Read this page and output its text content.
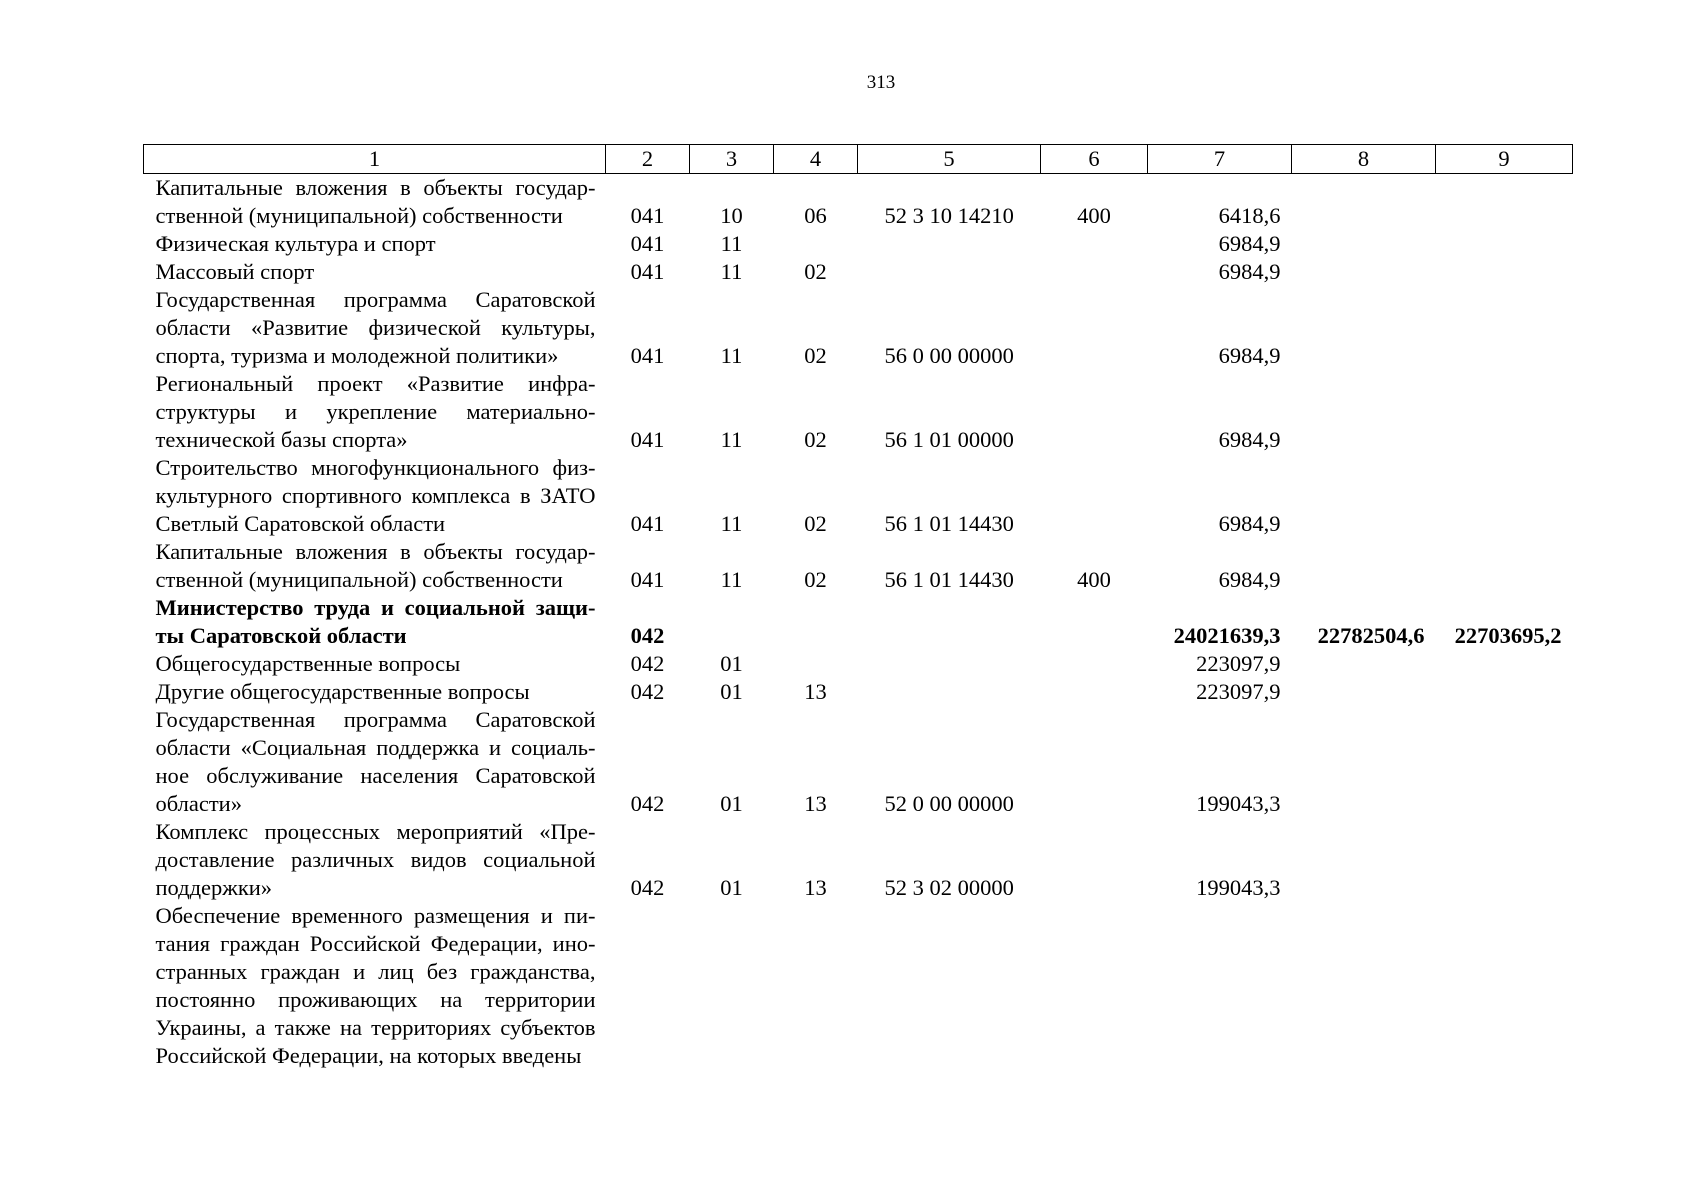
313
1	2	3	4	5	6	7	8	9
Капитальные вложения в объекты государ-ственной (муниципальной) собственности	041	10	06	52 3 10 14210	400	6418,6		
Физическая культура и спорт	041	11				6984,9		
Массовый спорт	041	11	02			6984,9		
Государственная программа Саратовской области «Развитие физической культуры, спорта, туризма и молодежной политики»	041	11	02	56 0 00 00000		6984,9		
Региональный проект «Развитие инфра-структуры и укрепление материально-технической базы спорта»	041	11	02	56 1 01 00000		6984,9		
Строительство многофункционального физ-культурного спортивного комплекса в ЗАТО Светлый Саратовской области	041	11	02	56 1 01 14430		6984,9		
Капитальные вложения в объекты государ-ственной (муниципальной) собственности	041	11	02	56 1 01 14430	400	6984,9		
Министерство труда и социальной защи-ты Саратовской области	042					24021639,3	22782504,6	22703695,2
Общегосударственные вопросы	042	01				223097,9		
Другие общегосударственные вопросы	042	01	13			223097,9		
Государственная программа Саратовской области «Социальная поддержка и социаль-ное обслуживание населения Саратовской области»	042	01	13	52 0 00 00000		199043,3		
Комплекс процессных мероприятий «Пре-доставление различных видов социальной поддержки»	042	01	13	52 3 02 00000		199043,3		
Обеспечение временного размещения и пи-тания граждан Российской Федерации, ино-странных граждан и лиц без гражданства, постоянно проживающих на территории Украины, а также на территориях субъектов Российской Федерации, на которых введены								
